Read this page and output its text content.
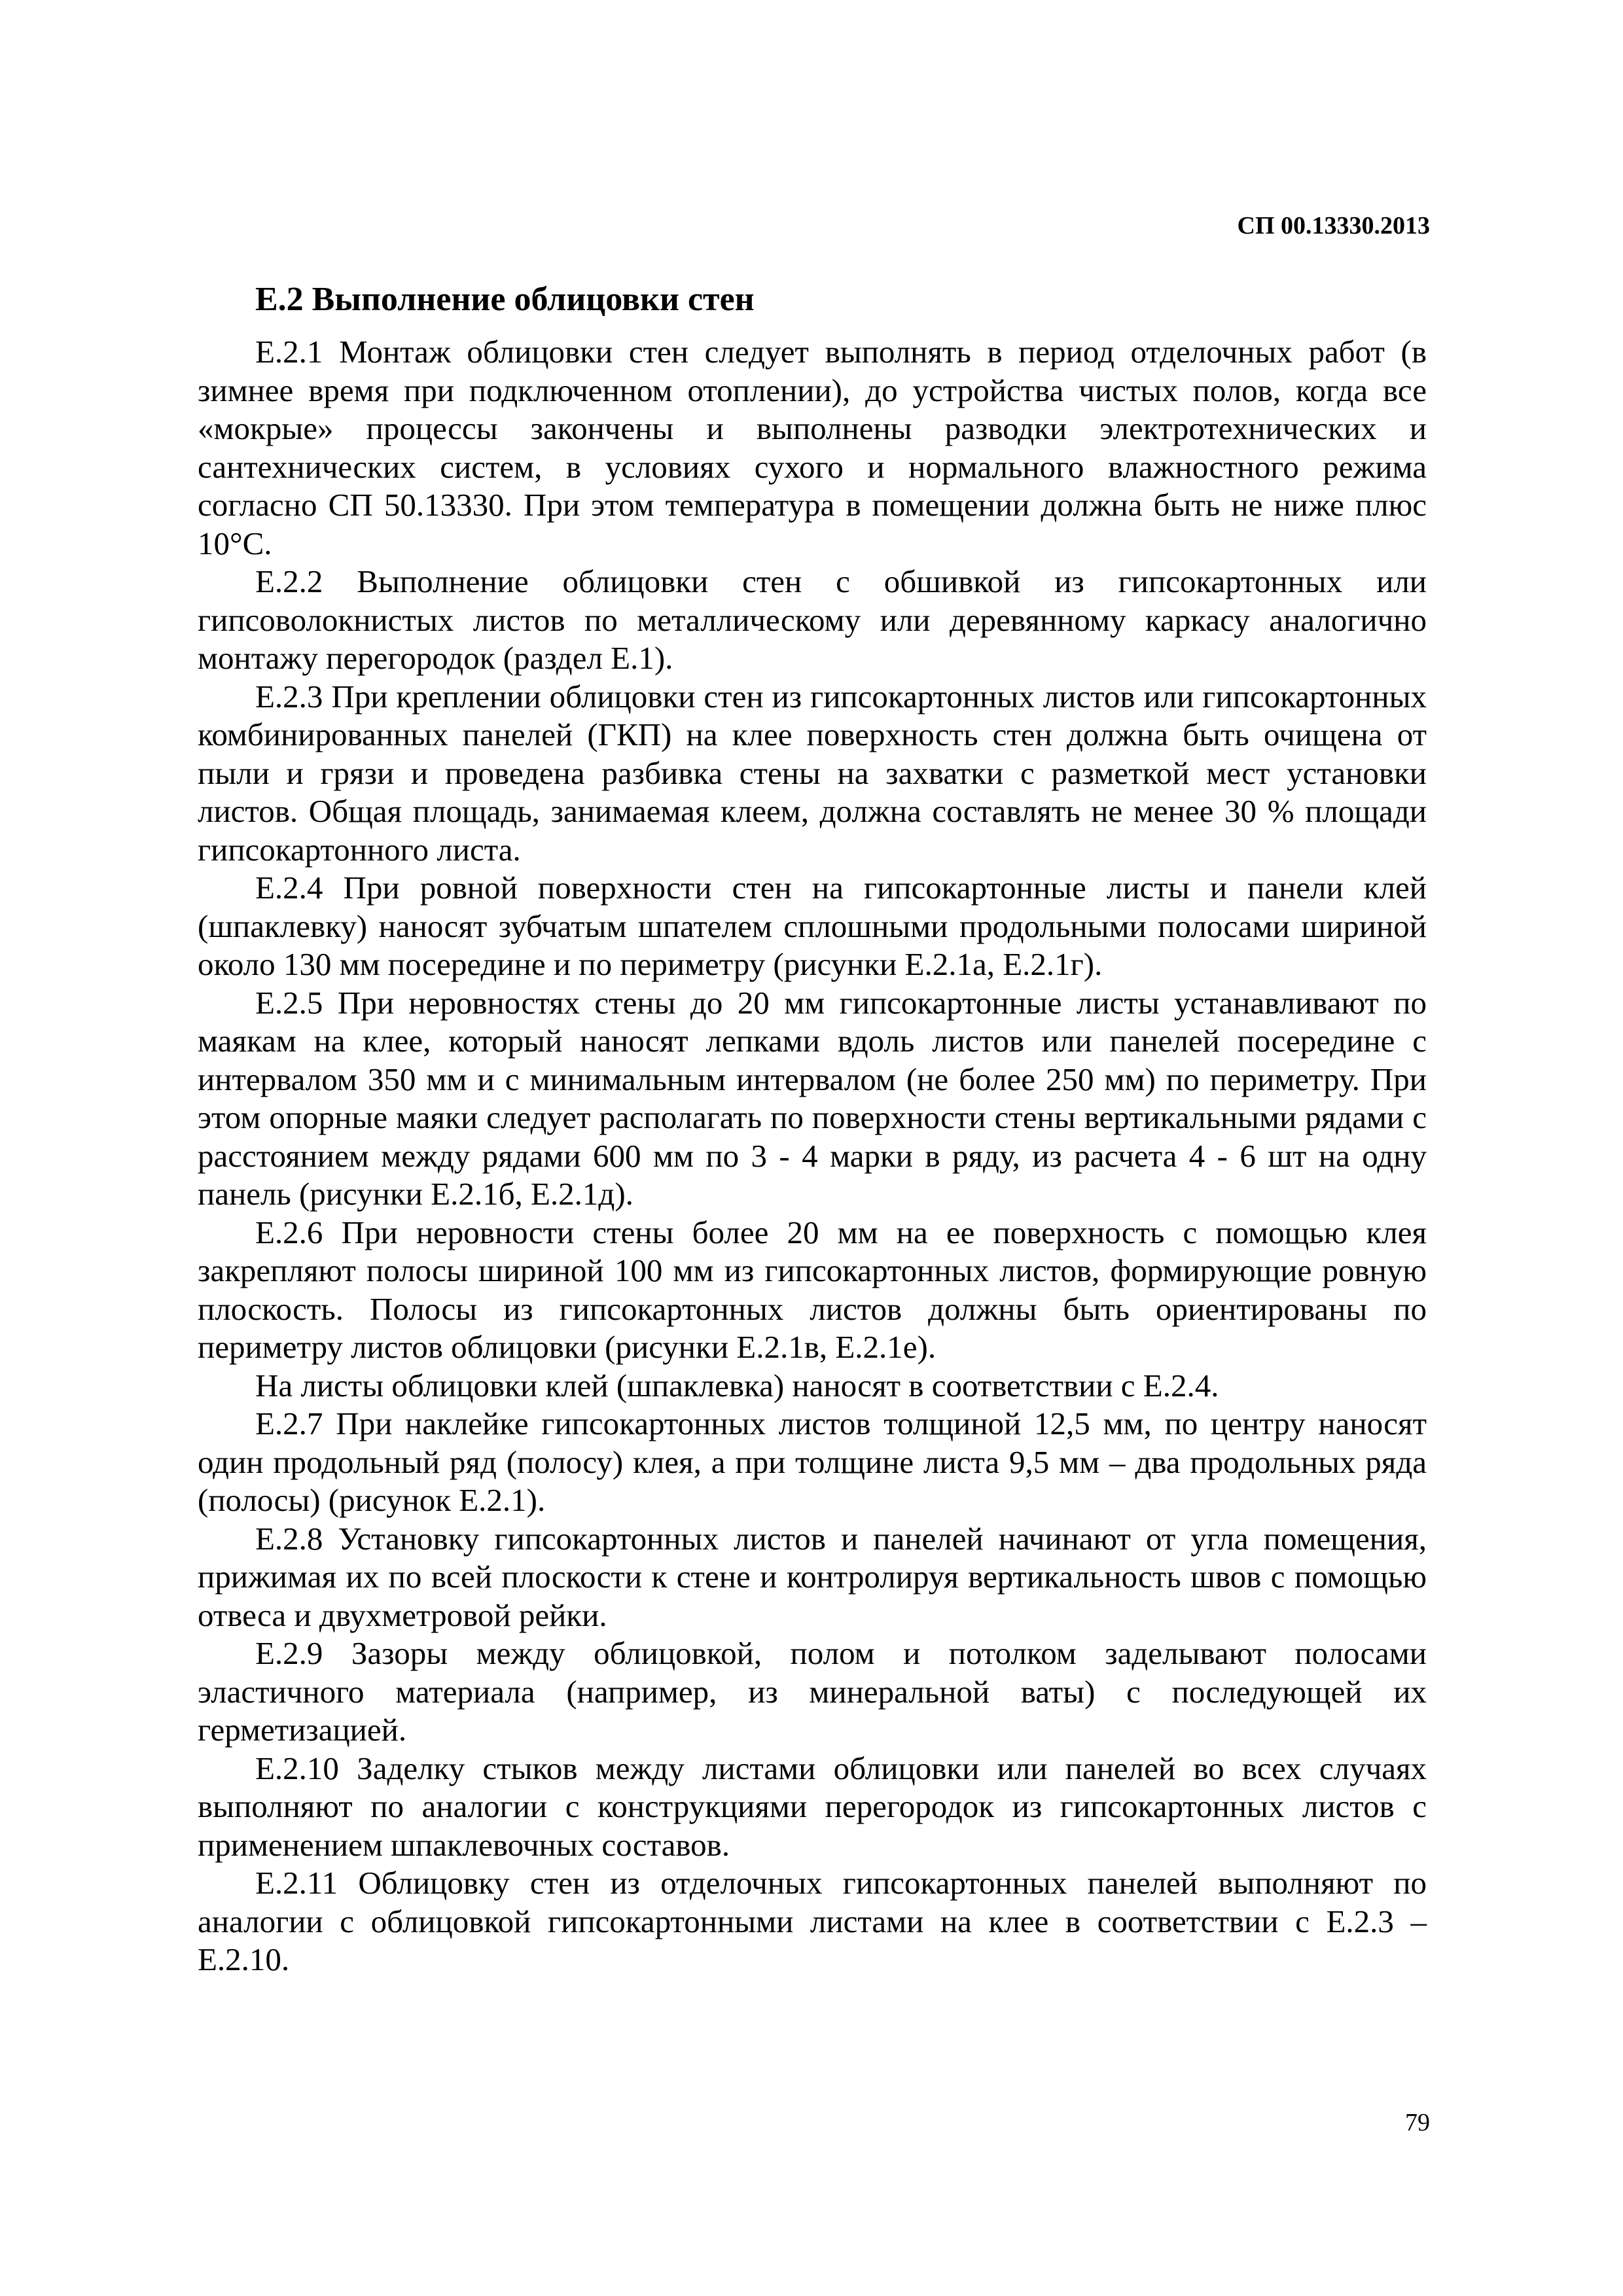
СП 00.13330.2013
Е.2 Выполнение облицовки стен

Е.2.1 Монтаж облицовки стен следует выполнять в период отделочных работ (в зимнее время при подключенном отоплении), до устройства чистых полов, когда все «мокрые» процессы закончены и выполнены разводки электротехнических и сантехнических систем, в условиях сухого и нормального влажностного режима согласно СП 50.13330. При этом температура в помещении должна быть не ниже плюс 10°С.

Е.2.2 Выполнение облицовки стен с обшивкой из гипсокартонных или гипсоволокнистых листов по металлическому или деревянному каркасу аналогично монтажу перегородок (раздел Е.1).

Е.2.3 При креплении облицовки стен из гипсокартонных листов или гипсокартонных комбинированных панелей (ГКП) на клее поверхность стен должна быть очищена от пыли и грязи и проведена разбивка стены на захватки с разметкой мест установки листов. Общая площадь, занимаемая клеем, должна составлять не менее 30 % площади гипсокартонного листа.

Е.2.4 При ровной поверхности стен на гипсокартонные листы и панели клей (шпаклевку) наносят зубчатым шпателем сплошными продольными полосами шириной около 130 мм посередине и по периметру (рисунки Е.2.1а, Е.2.1г).

Е.2.5 При неровностях стены до 20 мм гипсокартонные листы устанавливают по маякам на клее, который наносят лепками вдоль листов или панелей посередине с интервалом 350 мм и с минимальным интервалом (не более 250 мм) по периметру. При этом опорные маяки следует располагать по поверхности стены вертикальными рядами с расстоянием между рядами 600 мм по 3 - 4 марки в ряду, из расчета 4 - 6 шт на одну панель (рисунки Е.2.1б, Е.2.1д).

Е.2.6 При неровности стены более 20 мм на ее поверхность с помощью клея закрепляют полосы шириной 100 мм из гипсокартонных листов, формирующие ровную плоскость. Полосы из гипсокартонных листов должны быть ориентированы по периметру листов облицовки (рисунки Е.2.1в, Е.2.1е).

На листы облицовки клей (шпаклевка) наносят в соответствии с Е.2.4.

Е.2.7 При наклейке гипсокартонных листов толщиной 12,5 мм, по центру наносят один продольный ряд (полосу) клея, а при толщине листа 9,5 мм – два продольных ряда (полосы) (рисунок Е.2.1).

Е.2.8 Установку гипсокартонных листов и панелей начинают от угла помещения, прижимая их по всей плоскости к стене и контролируя вертикальность швов с помощью отвеса и двухметровой рейки.

Е.2.9 Зазоры между облицовкой, полом и потолком заделывают полосами эластичного материала (например, из минеральной ваты) с последующей их герметизацией.

Е.2.10 Заделку стыков между листами облицовки или панелей во всех случаях выполняют по аналогии с конструкциями перегородок из гипсокартонных листов с применением шпаклевочных составов.

Е.2.11 Облицовку стен из отделочных гипсокартонных панелей выполняют по аналогии с облицовкой гипсокартонными листами на клее в соответствии с Е.2.3 – Е.2.10.

79
